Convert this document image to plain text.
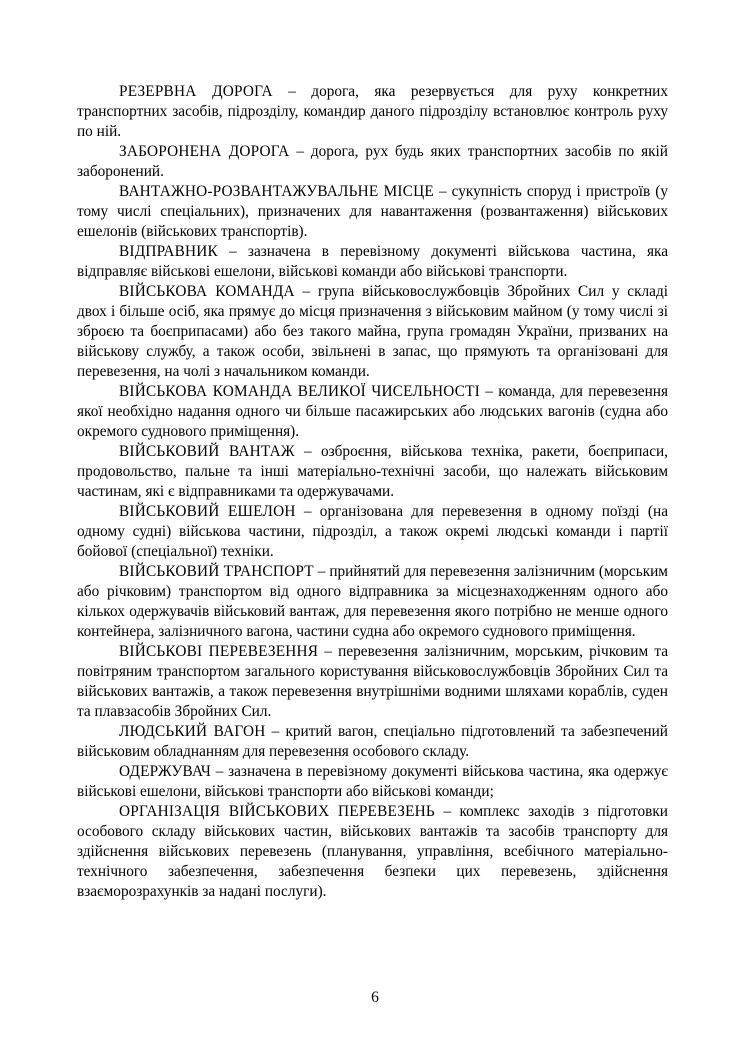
РЕЗЕРВНА ДОРОГА – дорога, яка резервується для руху конкретних транспортних засобів, підрозділу, командир даного підрозділу встановлює контроль руху по ній.

ЗАБОРОНЕНА ДОРОГА – дорога, рух будь яких транспортних засобів по якій заборонений.

ВАНТАЖНО-РОЗВАНТАЖУВАЛЬНЕ МІСЦЕ – сукупність споруд і пристроїв (у тому числі спеціальних), призначених для навантаження (розвантаження) військових ешелонів (військових транспортів).

ВІДПРАВНИК – зазначена в перевізному документі військова частина, яка відправляє військові ешелони, військові команди або військові транспорти.

ВІЙСЬКОВА КОМАНДА – група військовослужбовців Збройних Сил у складі двох і більше осіб, яка прямує до місця призначення з військовим майном (у тому числі зі зброєю та боєприпасами) або без такого майна, група громадян України, призваних на військову службу, а також особи, звільнені в запас, що прямують та організовані для перевезення, на чолі з начальником команди.

ВІЙСЬКОВА КОМАНДА ВЕЛИКОЇ ЧИСЕЛЬНОСТІ – команда, для перевезення якої необхідно надання одного чи більше пасажирських або людських вагонів (судна або окремого суднового приміщення).

ВІЙСЬКОВИЙ ВАНТАЖ – озброєння, військова техніка, ракети, боєприпаси, продовольство, пальне та інші матеріально-технічні засоби, що належать військовим частинам, які є відправниками та одержувачами.

ВІЙСЬКОВИЙ ЕШЕЛОН – організована для перевезення в одному поїзді (на одному судні) військова частини, підрозділ, а також окремі людські команди і партії бойової (спеціальної) техніки.

ВІЙСЬКОВИЙ ТРАНСПОРТ – прийнятий для перевезення залізничним (морським або річковим) транспортом від одного відправника за місцезнаходженням одного або кількох одержувачів військовий вантаж, для перевезення якого потрібно не менше одного контейнера, залізничного вагона, частини судна або окремого суднового приміщення.

ВІЙСЬКОВІ ПЕРЕВЕЗЕННЯ – перевезення залізничним, морським, річковим та повітряним транспортом загального користування військовослужбовців Збройних Сил та військових вантажів, а також перевезення внутрішніми водними шляхами кораблів, суден та плавзасобів Збройних Сил.

ЛЮДСЬКИЙ ВАГОН – критий вагон, спеціально підготовлений та забезпечений військовим обладнанням для перевезення особового складу.

ОДЕРЖУВАЧ – зазначена в перевізному документі військова частина, яка одержує військові ешелони, військові транспорти або військові команди;

ОРГАНІЗАЦІЯ ВІЙСЬКОВИХ ПЕРЕВЕЗЕНЬ – комплекс заходів з підготовки особового складу військових частин, військових вантажів та засобів транспорту для здійснення військових перевезень (планування, управління, всебічного матеріально-технічного забезпечення, забезпечення безпеки цих перевезень, здійснення взаєморозрахунків за надані послуги).

6
